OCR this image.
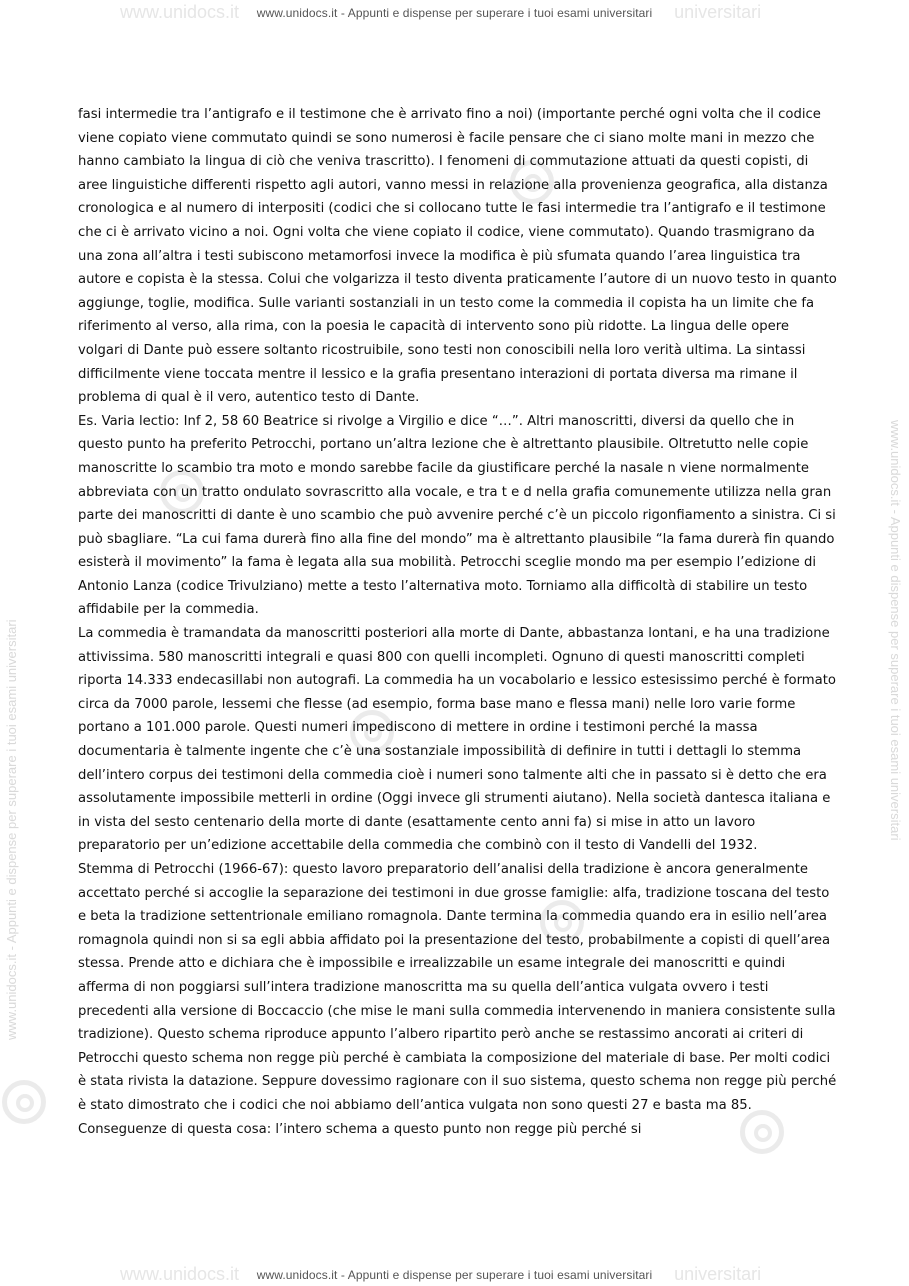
www.unidocs.it	universitari
www.unidocs.it - Appunti e dispense per superare i tuoi esami universitari
www.unidocs.it - Appunti e dispense per superare i tuoi esami universitari	www.unidocs.it - Appunti e dispense per superare i tuoi esami universitari

fasi intermedie tra l’antigrafo e il testimone che è arrivato fino a noi) (importante perché ogni volta che il codice viene copiato viene commutato quindi se sono numerosi è facile pensare che ci siano molte mani in mezzo che hanno cambiato la lingua di ciò che veniva trascritto). I fenomeni di commutazione attuati da questi copisti, di aree linguistiche differenti rispetto agli autori, vanno messi in relazione alla provenienza geografica, alla distanza cronologica e al numero di interpositi (codici che si collocano tutte le fasi intermedie tra l’antigrafo e il testimone che ci è arrivato vicino a noi. Ogni volta che viene copiato il codice, viene commutato). Quando trasmigrano da una zona all’altra i testi subiscono metamorfosi invece la modifica è più sfumata quando l’area linguistica tra autore e copista è la stessa. Colui che volgarizza il testo diventa praticamente l’autore di un nuovo testo in quanto aggiunge, toglie, modifica. Sulle varianti sostanziali in un testo come la commedia il copista ha un limite che fa riferimento al verso, alla rima, con la poesia le capacità di intervento sono più ridotte. La lingua delle opere volgari di Dante può essere soltanto ricostruibile, sono testi non conoscibili nella loro verità ultima. La sintassi difficilmente viene toccata mentre il lessico e la grafia presentano interazioni di portata diversa ma rimane il problema di qual è il vero, autentico testo di Dante.

Es. Varia lectio: Inf 2, 58 60 Beatrice si rivolge a Virgilio e dice “…”. Altri manoscritti, diversi da quello che in questo punto ha preferito Petrocchi, portano un’altra lezione che è altrettanto plausibile. Oltretutto nelle copie manoscritte lo scambio tra moto e mondo sarebbe facile da giustificare perché la nasale n viene normalmente abbreviata con un tratto ondulato sovrascritto alla vocale, e tra t e d nella grafia comunemente utilizza nella gran parte dei manoscritti di dante è uno scambio che può avvenire perché c’è un piccolo rigonfiamento a sinistra. Ci si può sbagliare. “La cui fama durerà fino alla fine del mondo” ma è altrettanto plausibile “la fama durerà fin quando esisterà il movimento” la fama è legata alla sua mobilità. Petrocchi sceglie mondo ma per esempio l’edizione di Antonio Lanza (codice Trivulziano) mette a testo l’alternativa moto. Torniamo alla difficoltà di stabilire un testo affidabile per la commedia.

La commedia è tramandata da manoscritti posteriori alla morte di Dante, abbastanza lontani, e ha una tradizione attivissima. 580 manoscritti integrali e quasi 800 con quelli incompleti. Ognuno di questi manoscritti completi riporta 14.333 endecasillabi non autografi. La commedia ha un vocabolario e lessico estesissimo perché è formato circa da 7000 parole, lessemi che flesse (ad esempio, forma base mano e flessa mani) nelle loro varie forme portano a 101.000 parole. Questi numeri impediscono di mettere in ordine i testimoni perché la massa documentaria è talmente ingente che c’è una sostanziale impossibilità di definire in tutti i dettagli lo stemma dell’intero corpus dei testimoni della commedia cioè i numeri sono talmente alti che in passato si è detto che era assolutamente impossibile metterli in ordine (Oggi invece gli strumenti aiutano). Nella società dantesca italiana e in vista del sesto centenario della morte di dante (esattamente cento anni fa) si mise in atto un lavoro preparatorio per un’edizione accettabile della commedia che combinò con il testo di Vandelli del 1932.

Stemma di Petrocchi (1966-67): questo lavoro preparatorio dell’analisi della tradizione è ancora generalmente accettato perché si accoglie la separazione dei testimoni in due grosse famiglie: alfa, tradizione toscana del testo e beta la tradizione settentrionale emiliano romagnola. Dante termina la commedia quando era in esilio nell’area romagnola quindi non si sa egli abbia affidato poi la presentazione del testo, probabilmente a copisti di quell’area stessa. Prende atto e dichiara che è impossibile e irrealizzabile un esame integrale dei manoscritti e quindi afferma di non poggiarsi sull’intera tradizione manoscritta ma su quella dell’antica vulgata ovvero i testi precedenti alla versione di Boccaccio (che mise le mani sulla commedia intervenendo in maniera consistente sulla tradizione). Questo schema riproduce appunto l’albero ripartito però anche se restassimo ancorati ai criteri di Petrocchi questo schema non regge più perché è cambiata la composizione del materiale di base. Per molti codici è stata rivista la datazione. Seppure dovessimo ragionare con il suo sistema, questo schema non regge più perché è stato dimostrato che i codici che noi abbiamo dell’antica vulgata non sono questi 27 e basta ma 85. Conseguenze di questa cosa: l’intero schema a questo punto non regge più perché si

www.unidocs.it	universitari
www.unidocs.it - Appunti e dispense per superare i tuoi esami universitari
